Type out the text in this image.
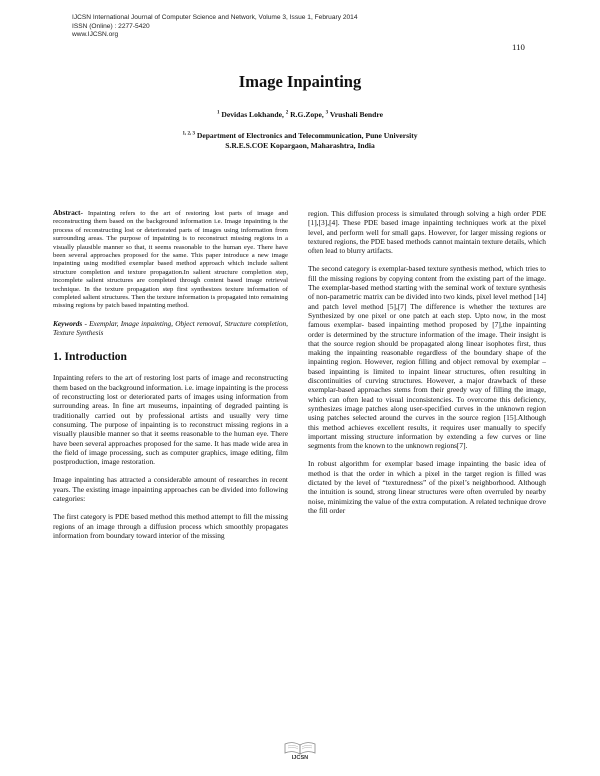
IJCSN International Journal of Computer Science and Network, Volume 3, Issue 1, February 2014
ISSN (Online) : 2277-5420
www.IJCSN.org
110
Image Inpainting
$^1$ Devidas Lokhande, $^2$ R.G.Zope, $^3$ Vrushali Bendre
$^{1, 2, 3}$ Department of Electronics and Telecommunication, Pune University
S.R.E.S.COE Kopargaon, Maharashtra, India

Abstract- Inpainting refers to the art of restoring lost parts of image and reconstructing them based on the background information i.e. Image inpainting is the process of reconstructing lost or deteriorated parts of images using information from surrounding areas. The purpose of inpainting is to reconstruct missing regions in a visually plausible manner so that, it seems reasonable to the human eye. There have been several approaches proposed for the same. This paper introduce a new image inpainting using modified exemplar based method approach which include salient structure completion and texture propagation.In salient structure completion step, incomplete salient structures are completed through content based image retrieval technique. In the texture propagation step first synthesizes texture information of completed salient structures. Then the texture information is propagated into remaining missing regions by patch based inpainting method.

Keywords - Exemplar, Image inpainting, Object removal, Structure completion, Texture Synthesis

1. Introduction

Inpainting refers to the art of restoring lost parts of image and reconstructing them based on the background information. i.e. image inpainting is the process of reconstructing lost or deteriorated parts of images using information from surrounding areas. In fine art museums, inpainting of degraded painting is traditionally carried out by professional artists and usually very time consuming. The purpose of inpainting is to reconstruct missing regions in a visually plausible manner so that it seems reasonable to the human eye. There have been several approaches proposed for the same. It has made wide area in the field of image processing, such as computer graphics, image editing, film postproduction, image restoration.

Image inpainting has attracted a considerable amount of researches in recent years. The existing image inpainting approaches can be divided into following categories:

The first category is PDE based method this method attempt to fill the missing regions of an image through a diffusion process which smoothly propagates information from boundary toward interior of the missing

region. This diffusion process is simulated through solving a high order PDE [1],[3],[4]. These PDE based image inpainting techniques work at the pixel level, and perform well for small gaps. However, for larger missing regions or textured regions, the PDE based methods cannot maintain texture details, which often lead to blurry artifacts.

The second category is exemplar-based texture synthesis method, which tries to fill the missing regions by copying content from the existing part of the image. The exemplar-based method starting with the seminal work of texture synthesis of non-parametric matrix can be divided into two kinds, pixel level method [14] and patch level method [5],[7] The difference is whether the textures are Synthesized by one pixel or one patch at each step. Upto now, in the most famous exemplar- based inpainting method proposed by [7],the inpainting order is determined by the structure information of the image. Their insight is that the source region should be propagated along linear isophotes first, thus making the inpainting reasonable regardless of the boundary shape of the inpainting region. However, region filling and object removal by exemplar – based inpainting is limited to inpaint linear structures, often resulting in discontinuities of curving structures. However, a major drawback of these exemplar-based approaches stems from their greedy way of filling the image, which can often lead to visual inconsistencies. To overcome this deficiency, synthesizes image patches along user-specified curves in the unknown region using patches selected around the curves in the source region [15].Although this method achieves excellent results, it requires user manually to specify important missing structure information by extending a few curves or line segments from the known to the unknown regions[7].

In robust algorithm for exemplar based image inpainting the basic idea of method is that the order in which a pixel in the target region is filled was dictated by the level of “texturedness” of the pixel’s neighborhood. Although the intuition is sound, strong linear structures were often overruled by nearby noise, minimizing the value of the extra computation. A related technique drove the fill order

IJCSN
